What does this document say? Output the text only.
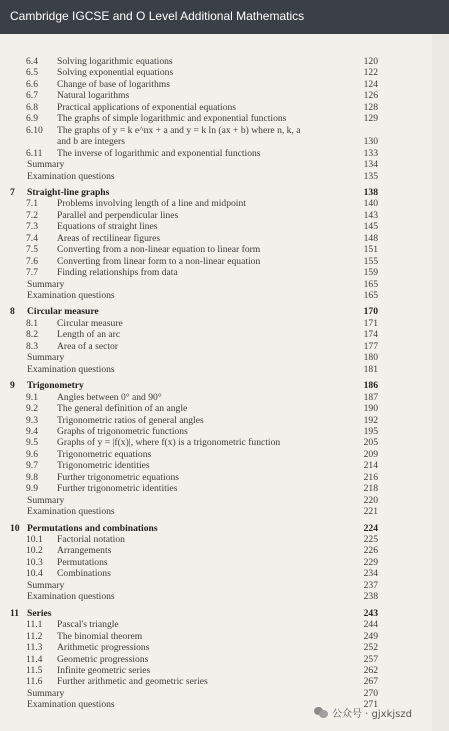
Cambridge IGCSE and O Level Additional Mathematics
6.4 Solving logarithmic equations	120
6.5 Solving exponential equations	122
6.6 Change of base of logarithms	124
6.7 Natural logarithms	126
6.8 Practical applications of exponential equations	128
6.9 The graphs of simple logarithmic and exponential functions	129
6.10 The graphs of y = k e^nx + a and y = k ln (ax + b) where n, k, a
and b are integers	130
6.11 The inverse of logarithmic and exponential functions	133
Summary	134
Examination questions	135
7 Straight-line graphs	138
7.1 Problems involving length of a line and midpoint	140
7.2 Parallel and perpendicular lines	143
7.3 Equations of straight lines	145
7.4 Areas of rectilinear figures	148
7.5 Converting from a non-linear equation to linear form	151
7.6 Converting from linear form to a non-linear equation	155
7.7 Finding relationships from data	159
Summary	165
Examination questions	165
8 Circular measure	170
8.1 Circular measure	171
8.2 Length of an arc	174
8.3 Area of a sector	177
Summary	180
Examination questions	181
9 Trigonometry	186
9.1 Angles between 0° and 90°	187
9.2 The general definition of an angle	190
9.3 Trigonometric ratios of general angles	192
9.4 Graphs of trigonometric functions	195
9.5 Graphs of y = |f(x)|, where f(x) is a trigonometric function	205
9.6 Trigonometric equations	209
9.7 Trigonometric identities	214
9.8 Further trigonometric equations	216
9.9 Further trigonometric identities	218
Summary	220
Examination questions	221
10 Permutations and combinations	224
10.1 Factorial notation	225
10.2 Arrangements	226
10.3 Permutations	229
10.4 Combinations	234
Summary	237
Examination questions	238
11 Series	243
11.1 Pascal's triangle	244
11.2 The binomial theorem	249
11.3 Arithmetic progressions	252
11.4 Geometric progressions	257
11.5 Infinite geometric series	262
11.6 Further arithmetic and geometric series	267
Summary	270
Examination questions	271
公众号 · gjxkjszd
